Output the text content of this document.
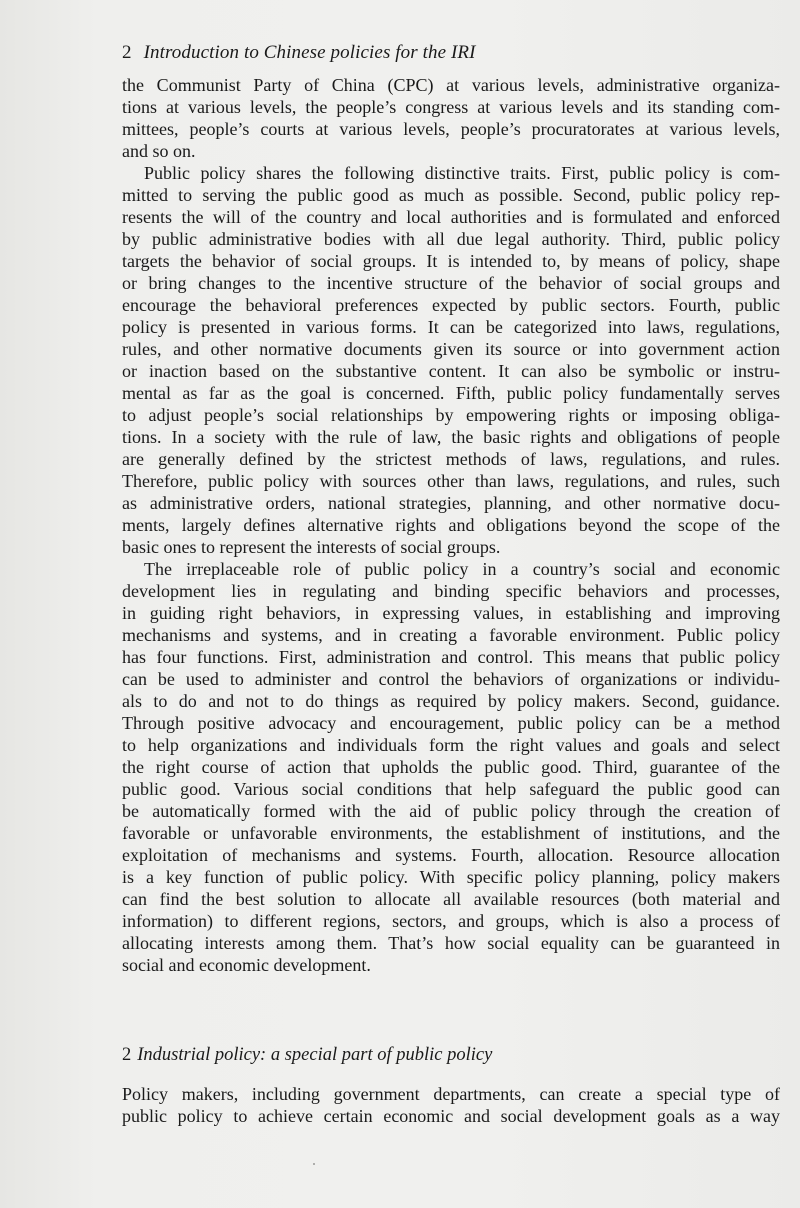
2 Introduction to Chinese policies for the IRI
the Communist Party of China (CPC) at various levels, administrative organiza-
tions at various levels, the people’s congress at various levels and its standing com-
mittees, people’s courts at various levels, people’s procuratorates at various levels,
and so on.
Public policy shares the following distinctive traits. First, public policy is com-
mitted to serving the public good as much as possible. Second, public policy rep-
resents the will of the country and local authorities and is formulated and enforced
by public administrative bodies with all due legal authority. Third, public policy
targets the behavior of social groups. It is intended to, by means of policy, shape
or bring changes to the incentive structure of the behavior of social groups and
encourage the behavioral preferences expected by public sectors. Fourth, public
policy is presented in various forms. It can be categorized into laws, regulations,
rules, and other normative documents given its source or into government action
or inaction based on the substantive content. It can also be symbolic or instru-
mental as far as the goal is concerned. Fifth, public policy fundamentally serves
to adjust people’s social relationships by empowering rights or imposing obliga-
tions. In a society with the rule of law, the basic rights and obligations of people
are generally defined by the strictest methods of laws, regulations, and rules.
Therefore, public policy with sources other than laws, regulations, and rules, such
as administrative orders, national strategies, planning, and other normative docu-
ments, largely defines alternative rights and obligations beyond the scope of the
basic ones to represent the interests of social groups.
The irreplaceable role of public policy in a country’s social and economic
development lies in regulating and binding specific behaviors and processes,
in guiding right behaviors, in expressing values, in establishing and improving
mechanisms and systems, and in creating a favorable environment. Public policy
has four functions. First, administration and control. This means that public policy
can be used to administer and control the behaviors of organizations or individu-
als to do and not to do things as required by policy makers. Second, guidance.
Through positive advocacy and encouragement, public policy can be a method
to help organizations and individuals form the right values and goals and select
the right course of action that upholds the public good. Third, guarantee of the
public good. Various social conditions that help safeguard the public good can
be automatically formed with the aid of public policy through the creation of
favorable or unfavorable environments, the establishment of institutions, and the
exploitation of mechanisms and systems. Fourth, allocation. Resource allocation
is a key function of public policy. With specific policy planning, policy makers
can find the best solution to allocate all available resources (both material and
information) to different regions, sectors, and groups, which is also a process of
allocating interests among them. That’s how social equality can be guaranteed in
social and economic development.
2 Industrial policy: a special part of public policy
Policy makers, including government departments, can create a special type of
public policy to achieve certain economic and social development goals as a way
